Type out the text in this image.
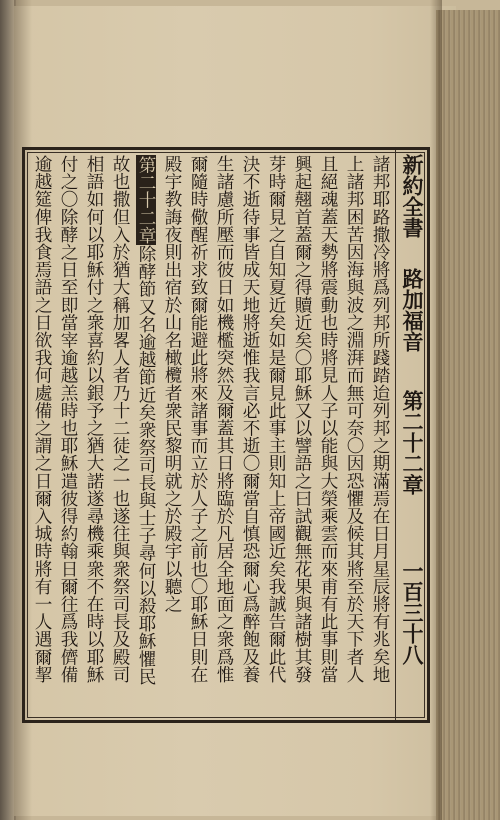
新約全書
路加福音
第二十二章
一百三十八
諸邦耶路撒冷將爲列邦所踐踏迨列邦之期滿焉在日月星辰將有兆矣地
上諸邦困苦因海與波之淵湃而無可奈〇因恐懼及候其將至於天下者人
且絕魂蓋天勢將震動也時將見人子以能與大榮乘雲而來甫有此事則當
興起翹首蓋爾之得贖近矣〇耶穌又以譬語之曰試觀無花果與諸樹其發
芽時爾見之自知夏近矣如是爾見此事主則知上帝國近矣我誠告爾此代
決不逝待事皆成天地將逝惟我言必不逝〇爾當自慎恐爾心爲醉飽及養
生諸慮所壓而彼日如機檻突然及爾蓋其日將臨於凡居全地面之衆爲惟
爾隨時儆醒祈求致爾能避此將來諸事而立於人子之前也〇耶穌日則在
殿宇教誨夜則出宿於山名橄欖者衆民黎明就之於殿宇以聽之
第二十二章除酵節又名逾越節近矣衆祭司長與士子尋何以殺耶穌懼民
故也撒但入於猶大稱加畧人者乃十二徒之一也遂往與衆祭司長及殿司
相語如何以耶穌付之衆喜約以銀予之猶大諾遂尋機乘衆不在時以耶穌
付之〇除酵之日至即當宰逾越羔時也耶穌遣彼得約翰日爾往爲我儕備
逾越筵俾我食焉語之日欲我何處備之謂之日爾入城時將有一人遇爾挈
